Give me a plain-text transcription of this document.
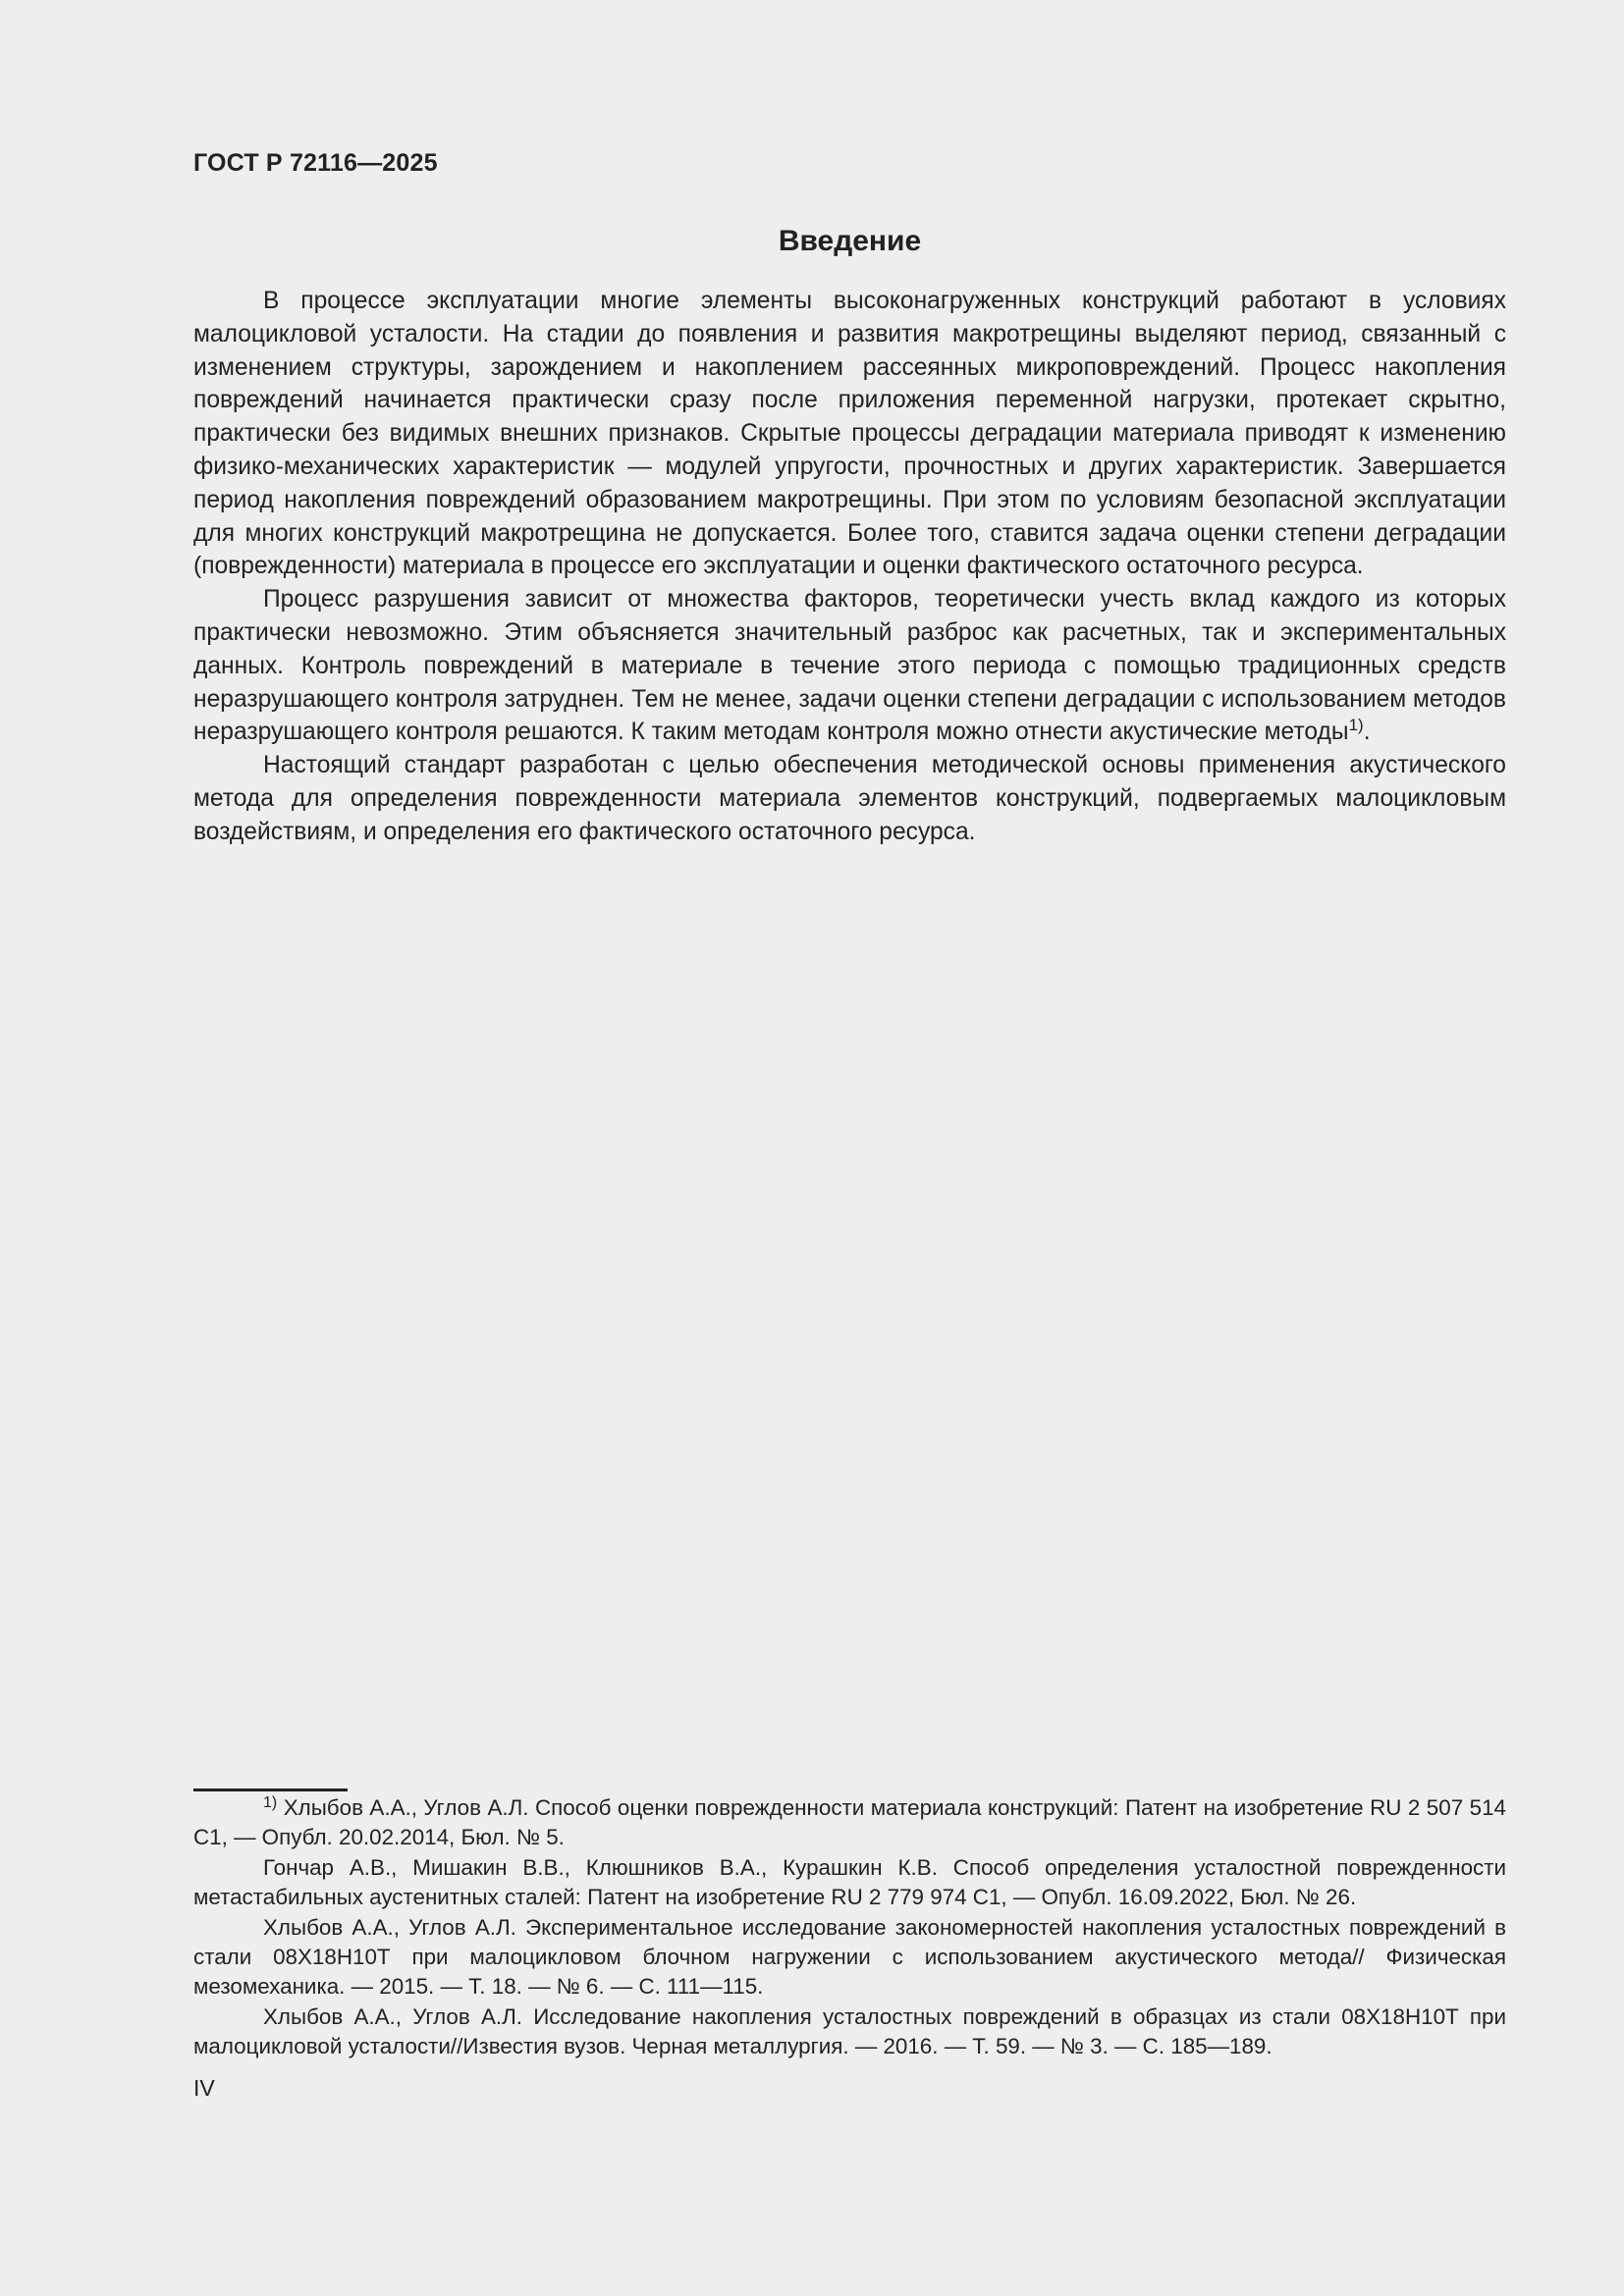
ГОСТ Р 72116—2025
Введение

В процессе эксплуатации многие элементы высоконагруженных конструкций работают в условиях малоцикловой усталости. На стадии до появления и развития макротрещины выделяют период, связанный с изменением структуры, зарождением и накоплением рассеянных микроповреждений. Процесс накопления повреждений начинается практически сразу после приложения переменной нагрузки, протекает скрытно, практически без видимых внешних признаков. Скрытые процессы деградации материала приводят к изменению физико-механических характеристик — модулей упругости, прочностных и других характеристик. Завершается период накопления повреждений образованием макротрещины. При этом по условиям безопасной эксплуатации для многих конструкций макротрещина не допускается. Более того, ставится задача оценки степени деградации (поврежденности) материала в процессе его эксплуатации и оценки фактического остаточного ресурса.

Процесс разрушения зависит от множества факторов, теоретически учесть вклад каждого из которых практически невозможно. Этим объясняется значительный разброс как расчетных, так и экспериментальных данных. Контроль повреждений в материале в течение этого периода с помощью традиционных средств неразрушающего контроля затруднен. Тем не менее, задачи оценки степени деградации с использованием методов неразрушающего контроля решаются. К таким методам контроля можно отнести акустические методы$^{1)}$.

Настоящий стандарт разработан с целью обеспечения методической основы применения акустического метода для определения поврежденности материала элементов конструкций, подвергаемых малоцикловым воздействиям, и определения его фактического остаточного ресурса.

$^{1)}$ Хлыбов А.А., Углов А.Л. Способ оценки поврежденности материала конструкций: Патент на изобретение RU 2 507 514 С1, — Опубл. 20.02.2014, Бюл. № 5.

Гончар А.В., Мишакин В.В., Клюшников В.А., Курашкин К.В. Способ определения усталостной поврежденности метастабильных аустенитных сталей: Патент на изобретение RU 2 779 974 С1, — Опубл. 16.09.2022, Бюл. № 26.

Хлыбов А.А., Углов А.Л. Экспериментальное исследование закономерностей накопления усталостных повреждений в стали 08Х18Н10Т при малоцикловом блочном нагружении с использованием акустического метода// Физическая мезомеханика. — 2015. — Т. 18. — № 6. — С. 111—115.

Хлыбов А.А., Углов А.Л. Исследование накопления усталостных повреждений в образцах из стали 08Х18Н10Т при малоцикловой усталости//Известия вузов. Черная металлургия. — 2016. — Т. 59. — № 3. — С. 185—189.

IV
